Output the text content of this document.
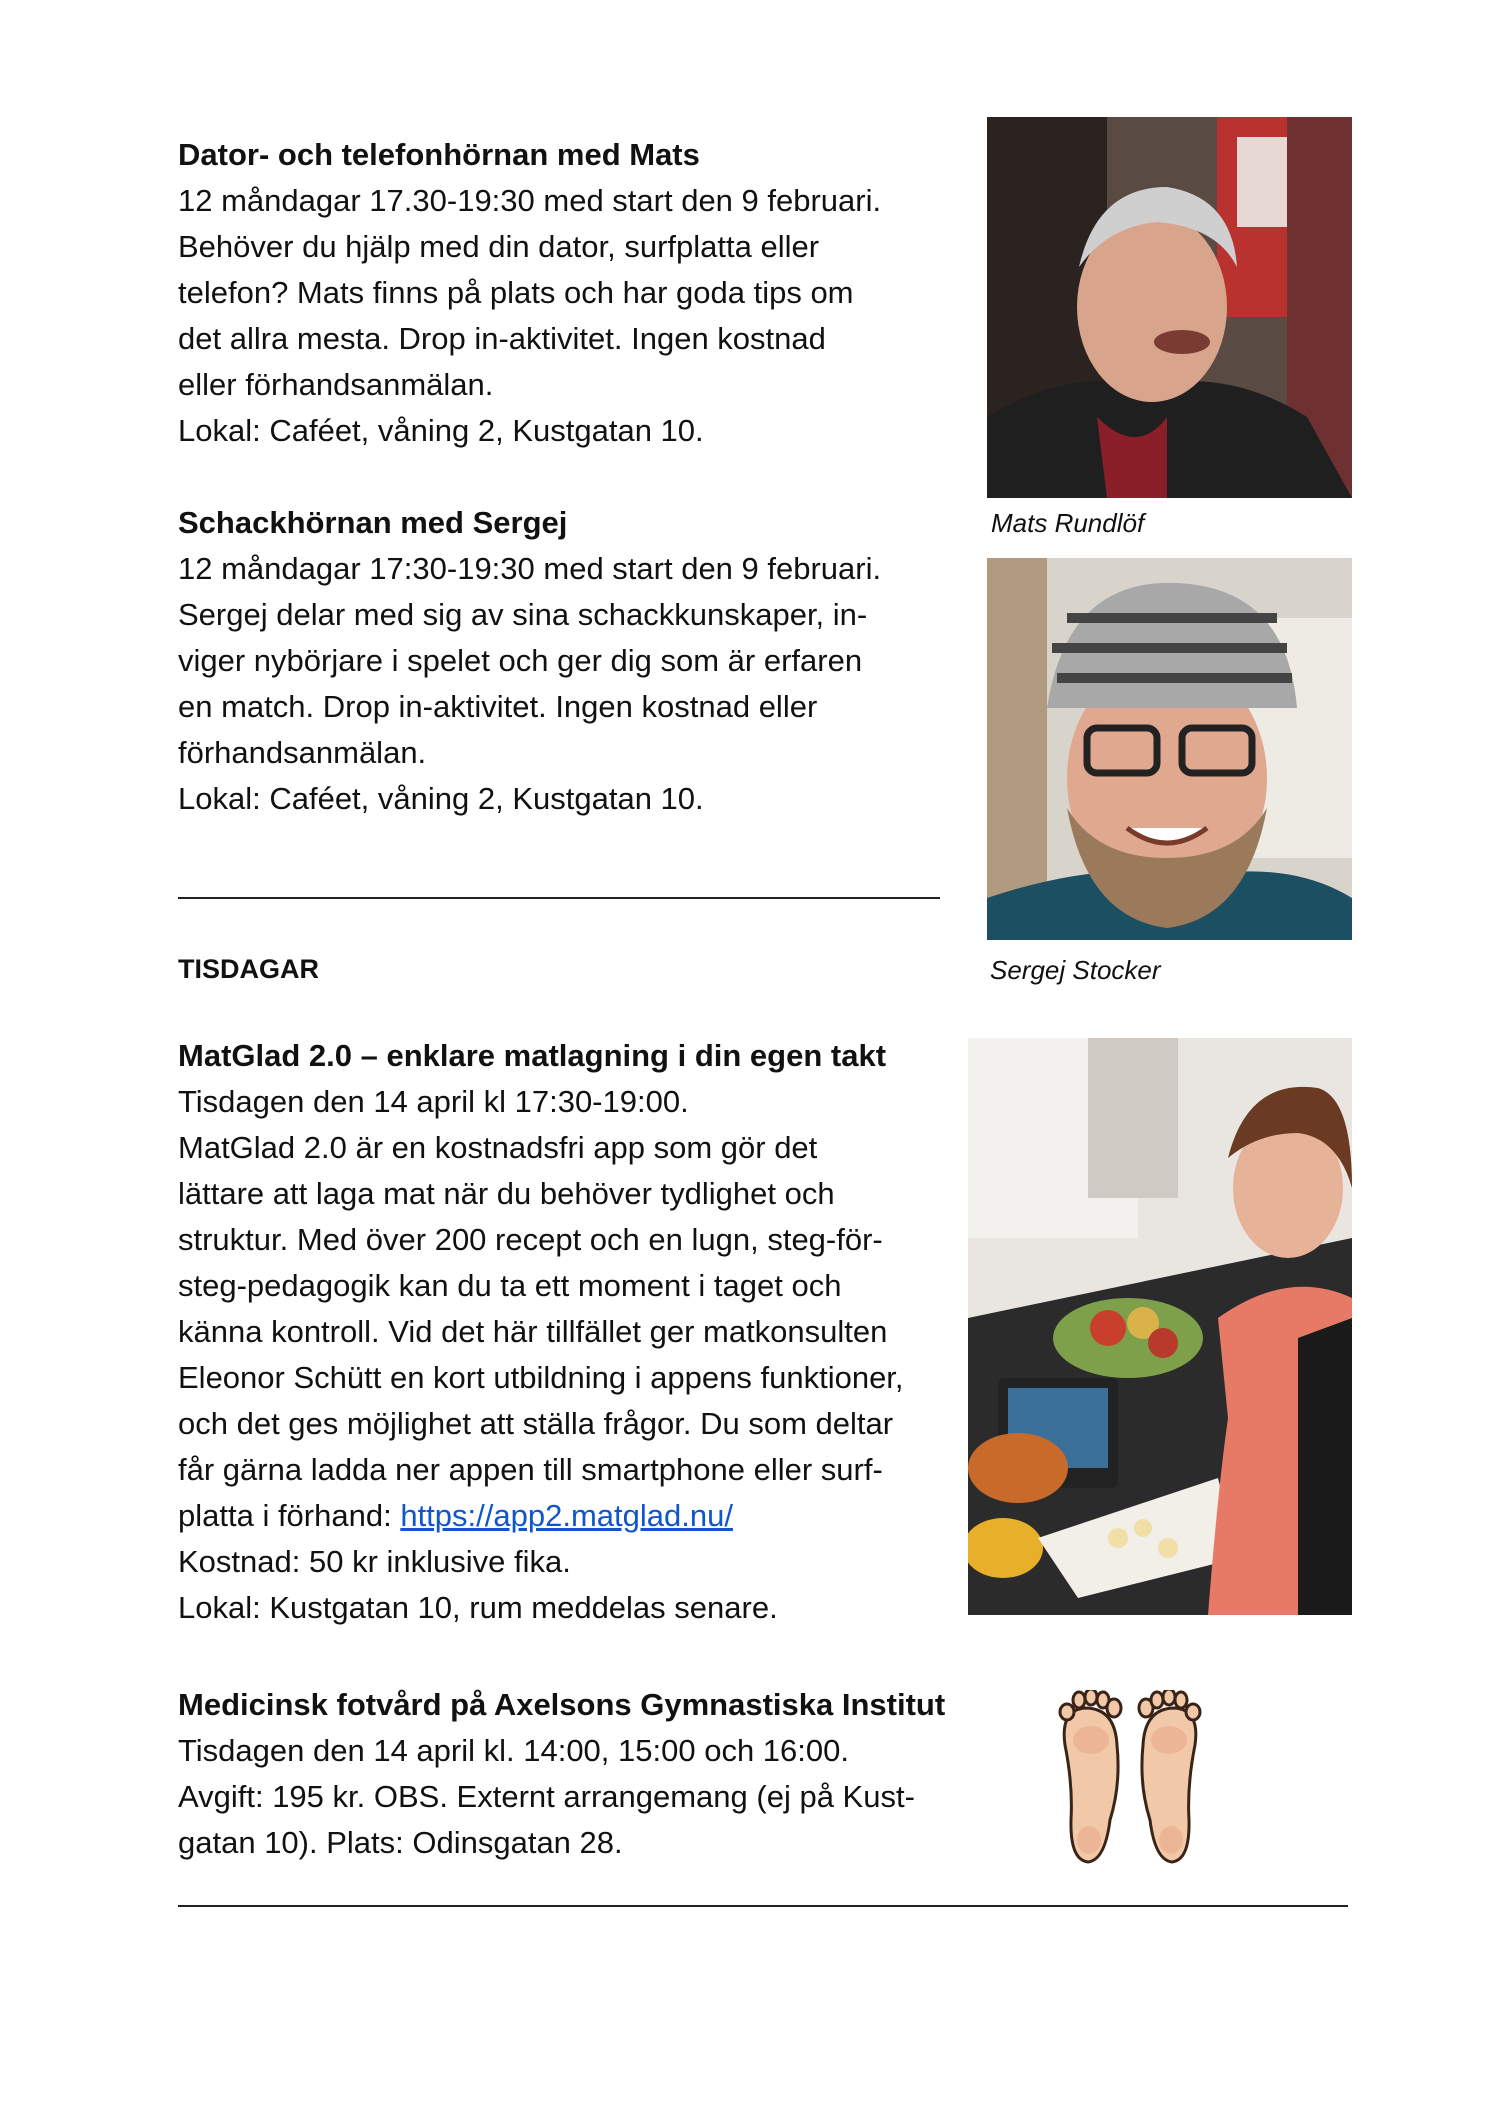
Dator- och telefonhörnan med Mats

12 måndagar 17.30-19:30 med start den 9 februari.

Behöver du hjälp med din dator, surfplatta eller

telefon? Mats finns på plats och har goda tips om

det allra mesta. Drop in-aktivitet. Ingen kostnad

eller förhandsanmälan.

Lokal: Caféet, våning 2, Kustgatan 10.

Mats Rundlöf

Schackhörnan med Sergej

12 måndagar 17:30-19:30 med start den 9 februari.

Sergej delar med sig av sina schackkunskaper, in-

viger nybörjare i spelet och ger dig som är erfaren

en match. Drop in-aktivitet. Ingen kostnad eller

förhandsanmälan.

Lokal: Caféet, våning 2, Kustgatan 10.

Sergej Stocker
TISDAGAR

MatGlad 2.0 – enklare matlagning i din egen takt

Tisdagen den 14 april kl 17:30-19:00.

MatGlad 2.0 är en kostnadsfri app som gör det

lättare att laga mat när du behöver tydlighet och

struktur. Med över 200 recept och en lugn, steg-för-

steg-pedagogik kan du ta ett moment i taget och

känna kontroll. Vid det här tillfället ger matkonsulten

Eleonor Schütt en kort utbildning i appens funktioner,

och det ges möjlighet att ställa frågor. Du som deltar

får gärna ladda ner appen till smartphone eller surf-

platta i förhand: https://app2.matglad.nu/

Kostnad: 50 kr inklusive fika.

Lokal: Kustgatan 10, rum meddelas senare.

Medicinsk fotvård på Axelsons Gymnastiska Institut

Tisdagen den 14 april kl. 14:00, 15:00 och 16:00.

Avgift: 195 kr. OBS. Externt arrangemang (ej på Kust-

gatan 10). Plats: Odinsgatan 28.
